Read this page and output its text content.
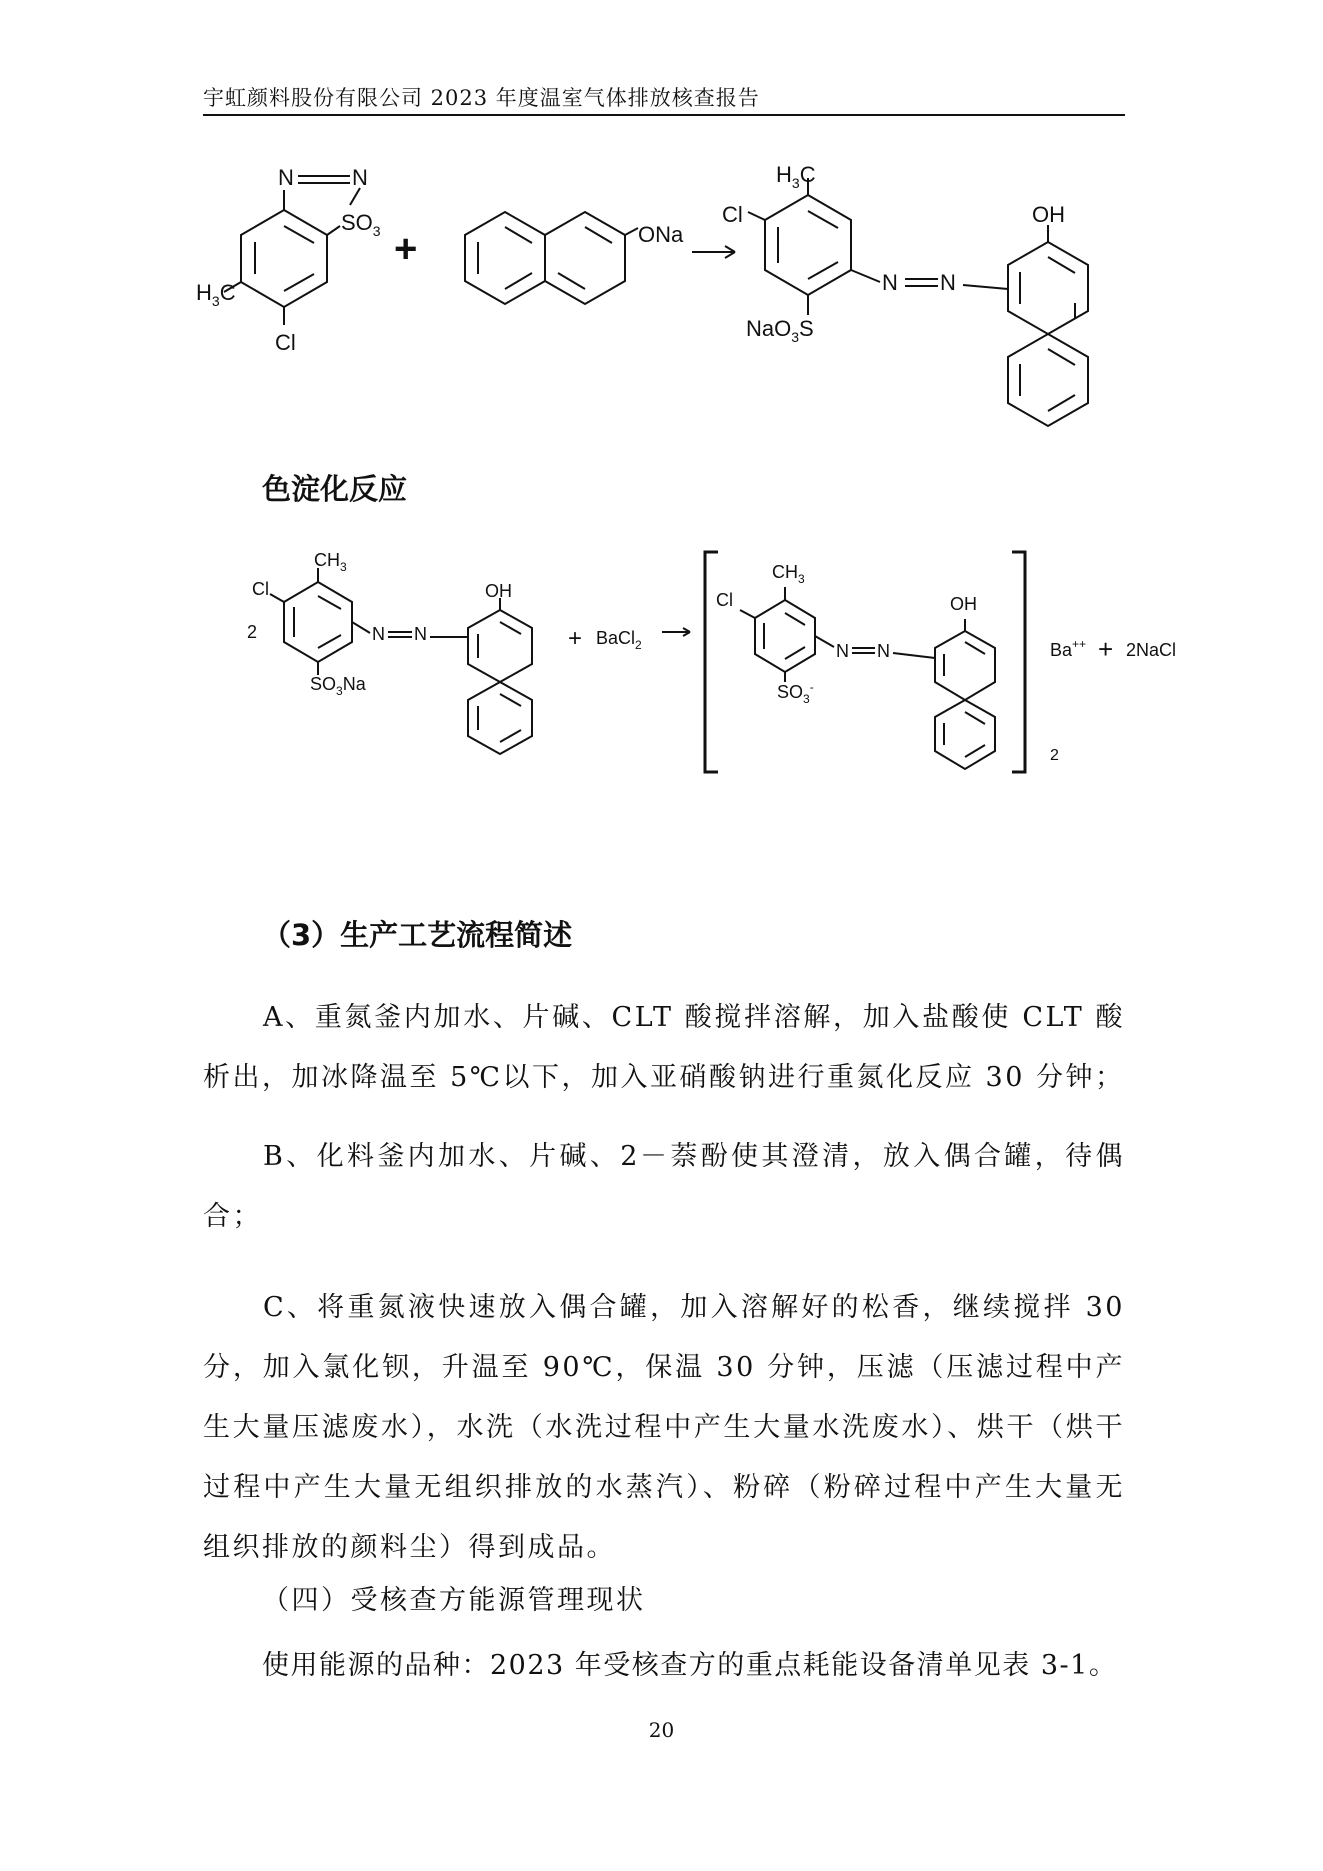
宇虹颜料股份有限公司 2023 年度温室气体排放核查报告
N	N
$SO_3$
$H_3C$
Cl
+	ONa
$H_3C$
Cl	OH
NaO$_3$S
N N
$CH_3$
Cl
2
$SO_3Na$
N N
OH
+ BaCl$_2$
$CH_3$
Cl
$SO_3^-$
N N
OH
Ba++ + 2NaCl
2
色淀化反应
（3）生产工艺流程简述
A、重氮釜内加水、片碱、CLT 酸搅拌溶解，加入盐酸使 CLT 酸析出，加冰降温至 5℃以下，加入亚硝酸钠进行重氮化反应 30 分钟；
B、化料釜内加水、片碱、2－萘酚使其澄清，放入偶合罐，待偶合；
C、将重氮液快速放入偶合罐，加入溶解好的松香，继续搅拌 30 分，加入氯化钡，升温至 90℃，保温 30 分钟，压滤（压滤过程中产生大量压滤废水），水洗（水洗过程中产生大量水洗废水）、烘干（烘干过程中产生大量无组织排放的水蒸汽）、粉碎（粉碎过程中产生大量无组织排放的颜料尘）得到成品。
（四）受核查方能源管理现状
使用能源的品种：2023 年受核查方的重点耗能设备清单见表 3-1。
20
